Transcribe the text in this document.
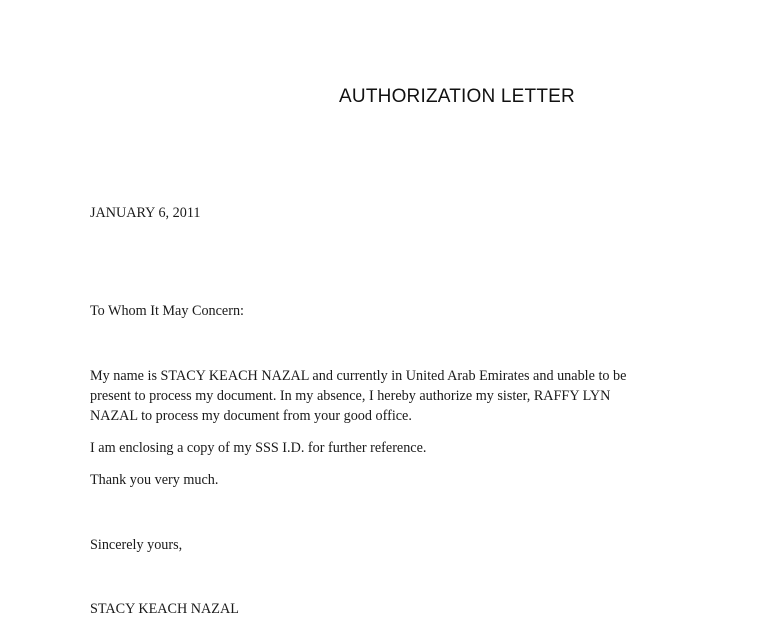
AUTHORIZATION LETTER
JANUARY 6, 2011
To Whom It May Concern:
My name is STACY KEACH NAZAL and currently in United Arab Emirates and unable to be
present to process my document. In my absence, I hereby authorize my sister, RAFFY LYN
NAZAL to process my document from your good office.
I am enclosing a copy of my SSS I.D. for further reference.
Thank you very much.
Sincerely yours,
STACY KEACH NAZAL
